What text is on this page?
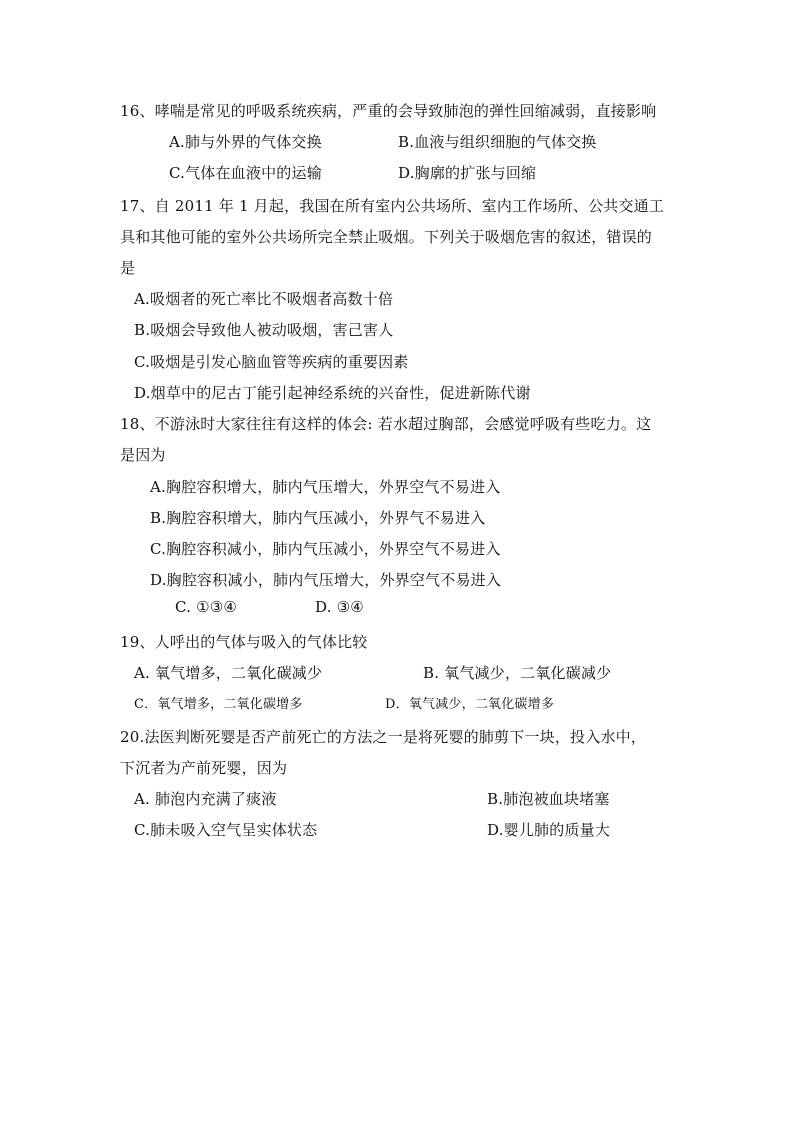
16、哮喘是常见的呼吸系统疾病，严重的会导致肺泡的弹性回缩减弱，直接影响
A.肺与外界的气体交换	B.血液与组织细胞的气体交换
C.气体在血液中的运输	D.胸廓的扩张与回缩
17、自 2011 年 1 月起，我国在所有室内公共场所、室内工作场所、公共交通工
具和其他可能的室外公共场所完全禁止吸烟。下列关于吸烟危害的叙述，错误的
是
A.吸烟者的死亡率比不吸烟者高数十倍
B.吸烟会导致他人被动吸烟，害己害人
C.吸烟是引发心脑血管等疾病的重要因素
D.烟草中的尼古丁能引起神经系统的兴奋性，促进新陈代谢
18、不游泳时大家往往有这样的体会: 若水超过胸部，会感觉呼吸有些吃力。这
是因为
A.胸腔容积增大，肺内气压增大，外界空气不易进入
B.胸腔容积增大，肺内气压减小，外界气不易进入
C.胸腔容积减小，肺内气压减小，外界空气不易进入
D.胸腔容积减小，肺内气压增大，外界空气不易进入
C. ①③④	D. ③④
19、人呼出的气体与吸入的气体比较
A. 氧气增多，二氧化碳减少	B. 氧气减少，二氧化碳减少
C．氧气增多，二氧化碳增多	D．氧气减少，二氧化碳增多
20.法医判断死婴是否产前死亡的方法之一是将死婴的肺剪下一块，投入水中，
下沉者为产前死婴，因为
A. 肺泡内充满了痰液	B.肺泡被血块堵塞
C.肺未吸入空气呈实体状态	D.婴儿肺的质量大
